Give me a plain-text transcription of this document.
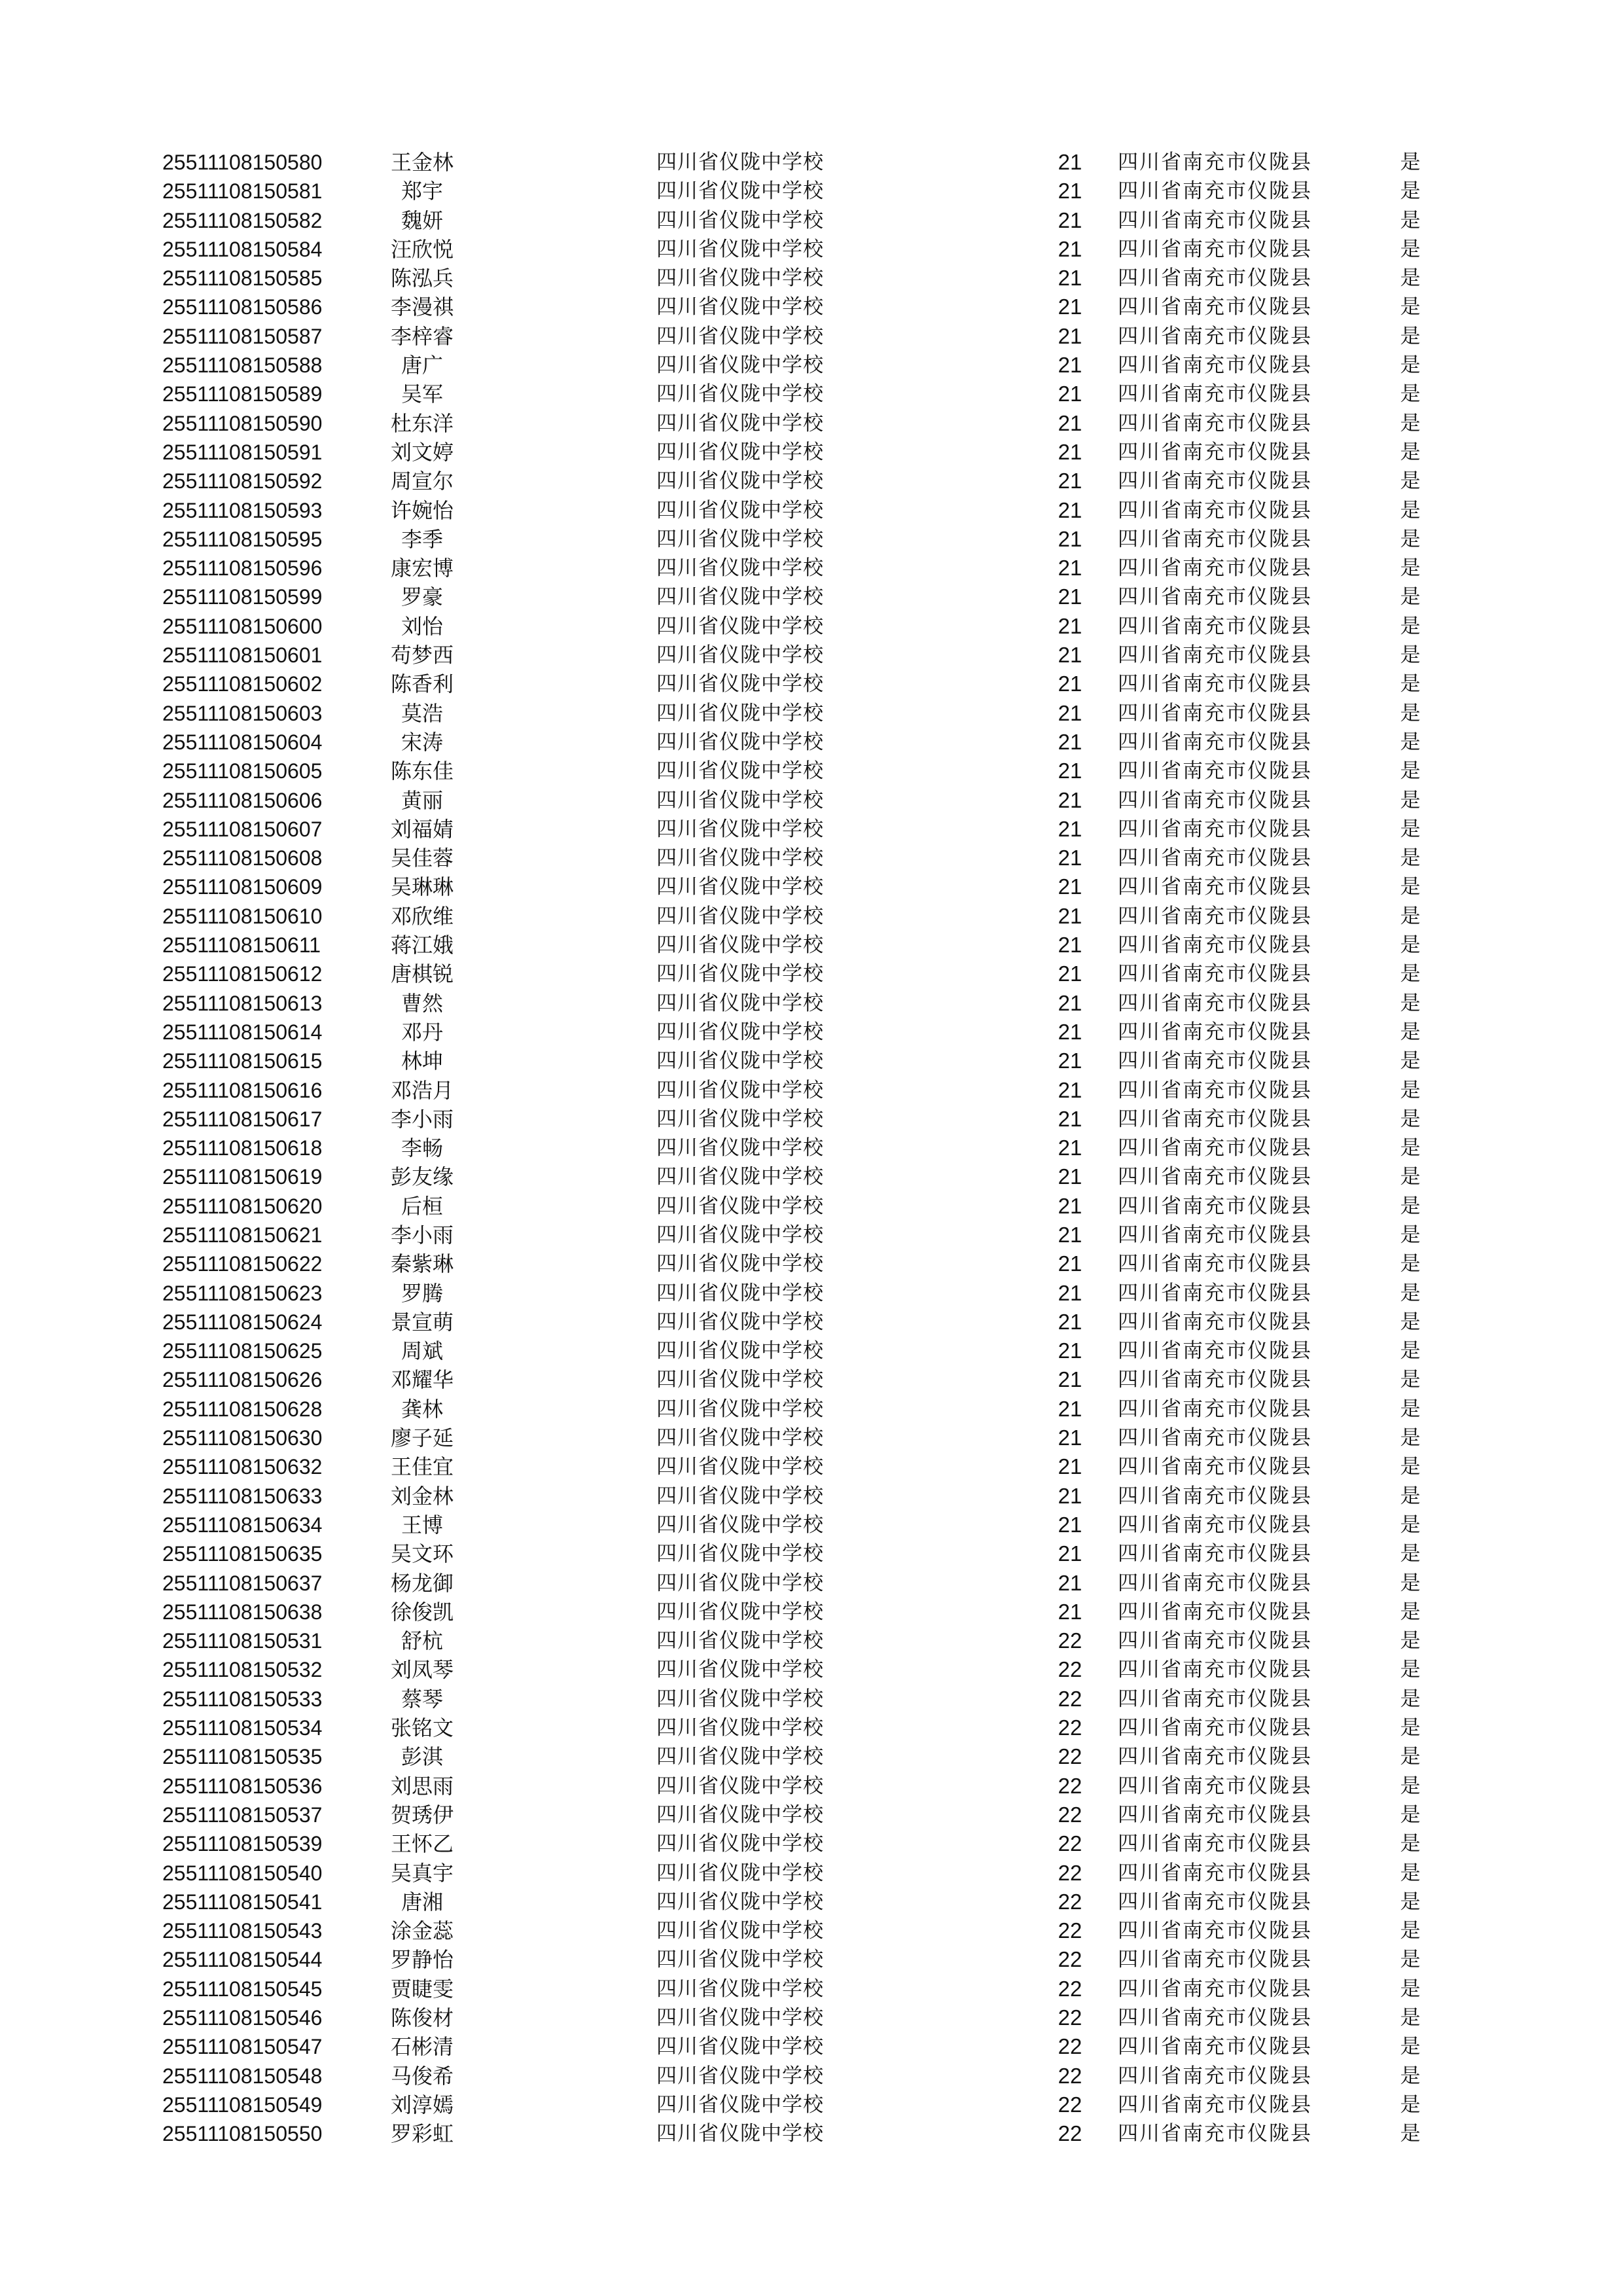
25511108150580	王金林	四川省仪陇中学校	21	四川省南充市仪陇县	是
25511108150581	郑宇	四川省仪陇中学校	21	四川省南充市仪陇县	是
25511108150582	魏妍	四川省仪陇中学校	21	四川省南充市仪陇县	是
25511108150584	汪欣悦	四川省仪陇中学校	21	四川省南充市仪陇县	是
25511108150585	陈泓兵	四川省仪陇中学校	21	四川省南充市仪陇县	是
25511108150586	李漫祺	四川省仪陇中学校	21	四川省南充市仪陇县	是
25511108150587	李梓睿	四川省仪陇中学校	21	四川省南充市仪陇县	是
25511108150588	唐广	四川省仪陇中学校	21	四川省南充市仪陇县	是
25511108150589	吴军	四川省仪陇中学校	21	四川省南充市仪陇县	是
25511108150590	杜东洋	四川省仪陇中学校	21	四川省南充市仪陇县	是
25511108150591	刘文婷	四川省仪陇中学校	21	四川省南充市仪陇县	是
25511108150592	周宣尔	四川省仪陇中学校	21	四川省南充市仪陇县	是
25511108150593	许婉怡	四川省仪陇中学校	21	四川省南充市仪陇县	是
25511108150595	李季	四川省仪陇中学校	21	四川省南充市仪陇县	是
25511108150596	康宏博	四川省仪陇中学校	21	四川省南充市仪陇县	是
25511108150599	罗豪	四川省仪陇中学校	21	四川省南充市仪陇县	是
25511108150600	刘怡	四川省仪陇中学校	21	四川省南充市仪陇县	是
25511108150601	苟梦西	四川省仪陇中学校	21	四川省南充市仪陇县	是
25511108150602	陈香利	四川省仪陇中学校	21	四川省南充市仪陇县	是
25511108150603	莫浩	四川省仪陇中学校	21	四川省南充市仪陇县	是
25511108150604	宋涛	四川省仪陇中学校	21	四川省南充市仪陇县	是
25511108150605	陈东佳	四川省仪陇中学校	21	四川省南充市仪陇县	是
25511108150606	黄丽	四川省仪陇中学校	21	四川省南充市仪陇县	是
25511108150607	刘福婧	四川省仪陇中学校	21	四川省南充市仪陇县	是
25511108150608	吴佳蓉	四川省仪陇中学校	21	四川省南充市仪陇县	是
25511108150609	吴琳琳	四川省仪陇中学校	21	四川省南充市仪陇县	是
25511108150610	邓欣维	四川省仪陇中学校	21	四川省南充市仪陇县	是
25511108150611	蒋江娥	四川省仪陇中学校	21	四川省南充市仪陇县	是
25511108150612	唐棋锐	四川省仪陇中学校	21	四川省南充市仪陇县	是
25511108150613	曹然	四川省仪陇中学校	21	四川省南充市仪陇县	是
25511108150614	邓丹	四川省仪陇中学校	21	四川省南充市仪陇县	是
25511108150615	林坤	四川省仪陇中学校	21	四川省南充市仪陇县	是
25511108150616	邓浩月	四川省仪陇中学校	21	四川省南充市仪陇县	是
25511108150617	李小雨	四川省仪陇中学校	21	四川省南充市仪陇县	是
25511108150618	李畅	四川省仪陇中学校	21	四川省南充市仪陇县	是
25511108150619	彭友缘	四川省仪陇中学校	21	四川省南充市仪陇县	是
25511108150620	后桓	四川省仪陇中学校	21	四川省南充市仪陇县	是
25511108150621	李小雨	四川省仪陇中学校	21	四川省南充市仪陇县	是
25511108150622	秦紫琳	四川省仪陇中学校	21	四川省南充市仪陇县	是
25511108150623	罗腾	四川省仪陇中学校	21	四川省南充市仪陇县	是
25511108150624	景宣萌	四川省仪陇中学校	21	四川省南充市仪陇县	是
25511108150625	周斌	四川省仪陇中学校	21	四川省南充市仪陇县	是
25511108150626	邓耀华	四川省仪陇中学校	21	四川省南充市仪陇县	是
25511108150628	龚林	四川省仪陇中学校	21	四川省南充市仪陇县	是
25511108150630	廖子延	四川省仪陇中学校	21	四川省南充市仪陇县	是
25511108150632	王佳宜	四川省仪陇中学校	21	四川省南充市仪陇县	是
25511108150633	刘金林	四川省仪陇中学校	21	四川省南充市仪陇县	是
25511108150634	王博	四川省仪陇中学校	21	四川省南充市仪陇县	是
25511108150635	吴文环	四川省仪陇中学校	21	四川省南充市仪陇县	是
25511108150637	杨龙御	四川省仪陇中学校	21	四川省南充市仪陇县	是
25511108150638	徐俊凯	四川省仪陇中学校	21	四川省南充市仪陇县	是
25511108150531	舒杭	四川省仪陇中学校	22	四川省南充市仪陇县	是
25511108150532	刘凤琴	四川省仪陇中学校	22	四川省南充市仪陇县	是
25511108150533	蔡琴	四川省仪陇中学校	22	四川省南充市仪陇县	是
25511108150534	张铭文	四川省仪陇中学校	22	四川省南充市仪陇县	是
25511108150535	彭淇	四川省仪陇中学校	22	四川省南充市仪陇县	是
25511108150536	刘思雨	四川省仪陇中学校	22	四川省南充市仪陇县	是
25511108150537	贺琇伊	四川省仪陇中学校	22	四川省南充市仪陇县	是
25511108150539	王怀乙	四川省仪陇中学校	22	四川省南充市仪陇县	是
25511108150540	吴真宇	四川省仪陇中学校	22	四川省南充市仪陇县	是
25511108150541	唐湘	四川省仪陇中学校	22	四川省南充市仪陇县	是
25511108150543	涂金蕊	四川省仪陇中学校	22	四川省南充市仪陇县	是
25511108150544	罗静怡	四川省仪陇中学校	22	四川省南充市仪陇县	是
25511108150545	贾睫雯	四川省仪陇中学校	22	四川省南充市仪陇县	是
25511108150546	陈俊材	四川省仪陇中学校	22	四川省南充市仪陇县	是
25511108150547	石彬清	四川省仪陇中学校	22	四川省南充市仪陇县	是
25511108150548	马俊希	四川省仪陇中学校	22	四川省南充市仪陇县	是
25511108150549	刘淳嫣	四川省仪陇中学校	22	四川省南充市仪陇县	是
25511108150550	罗彩虹	四川省仪陇中学校	22	四川省南充市仪陇县	是
